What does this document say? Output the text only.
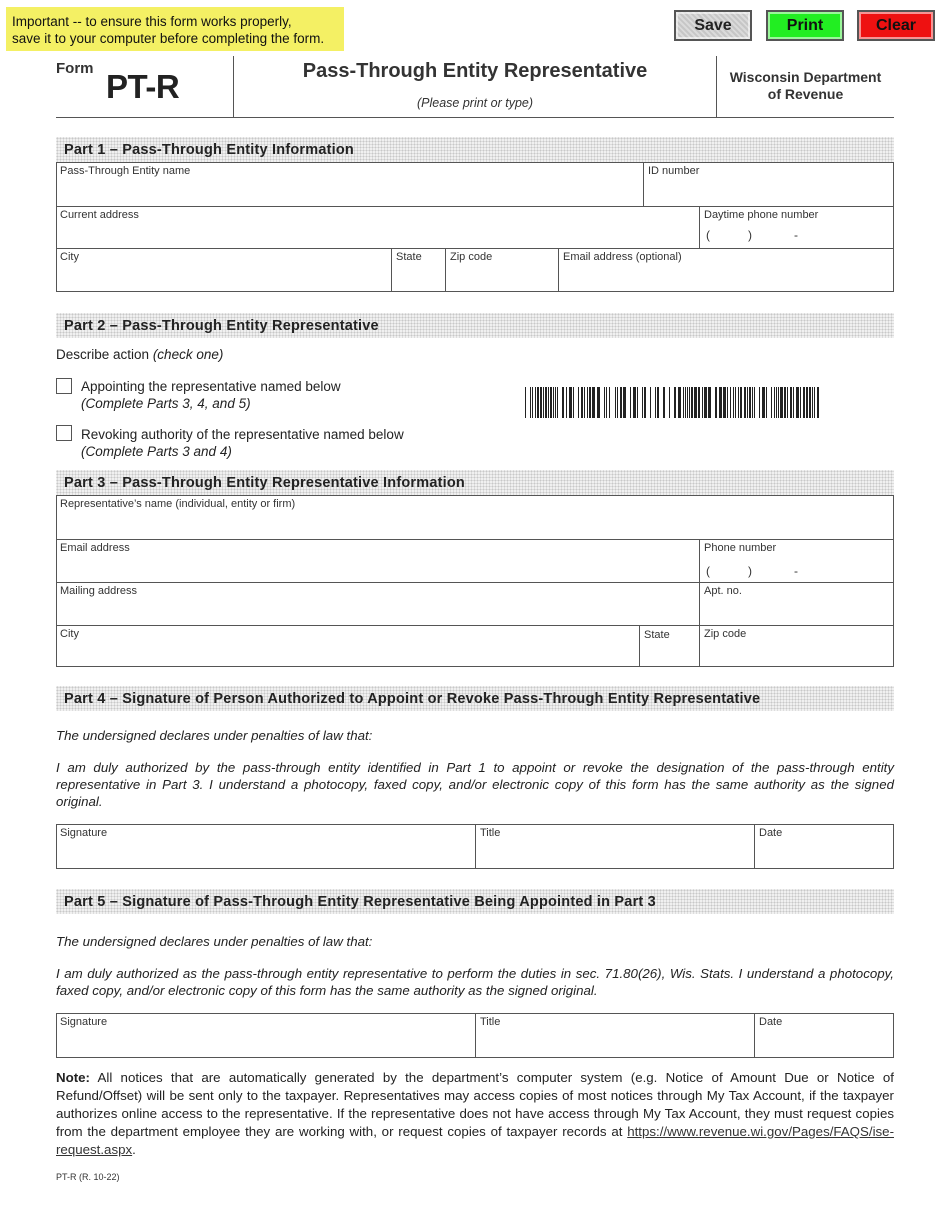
Important -- to ensure this form works properly,
save it to your computer before completing the form.
Save	Print	Clear
Form PT-R	Pass-Through Entity Representative
(Please print or type)
Wisconsin Department
of Revenue
Part 1 – Pass-Through Entity Information
Pass-Through Entity name	ID number
Current address	Daytime phone number
(	)	-
City	State	Zip code	Email address (optional)
Part 2 – Pass-Through Entity Representative
Describe action (check one)
Appointing the representative named below
(Complete Parts 3, 4, and 5)
Revoking authority of the representative named below
(Complete Parts 3 and 4)
Part 3 – Pass-Through Entity Representative Information
Representative’s name (individual, entity or firm)
Email address	Phone number
(	)	-
Mailing address	Apt. no.
City	State	Zip code
Part 4 – Signature of Person Authorized to Appoint or Revoke Pass-Through Entity Representative
The undersigned declares under penalties of law that:
I am duly authorized by the pass-through entity identified in Part 1 to appoint or revoke the designation of the pass-through entity representative in Part 3. I understand a photocopy, faxed copy, and/or electronic copy of this form has the same authority as the signed original.
Signature	Title	Date
Part 5 – Signature of Pass-Through Entity Representative Being Appointed in Part 3
The undersigned declares under penalties of law that:
I am duly authorized as the pass-through entity representative to perform the duties in sec. 71.80(26), Wis. Stats. I understand a photocopy, faxed copy, and/or electronic copy of this form has the same authority as the signed original.
Signature	Title	Date
Note: All notices that are automatically generated by the department’s computer system (e.g. Notice of Amount Due or Notice of Refund/Offset) will be sent only to the taxpayer. Representatives may access copies of most notices through My Tax Account, if the taxpayer authorizes online access to the representative. If the representative does not have access through My Tax Account, they must request copies from the department employee they are working with, or request copies of taxpayer records at https://www.revenue.wi.gov/Pages/FAQS/ise-request.aspx.
PT-R (R. 10-22)
